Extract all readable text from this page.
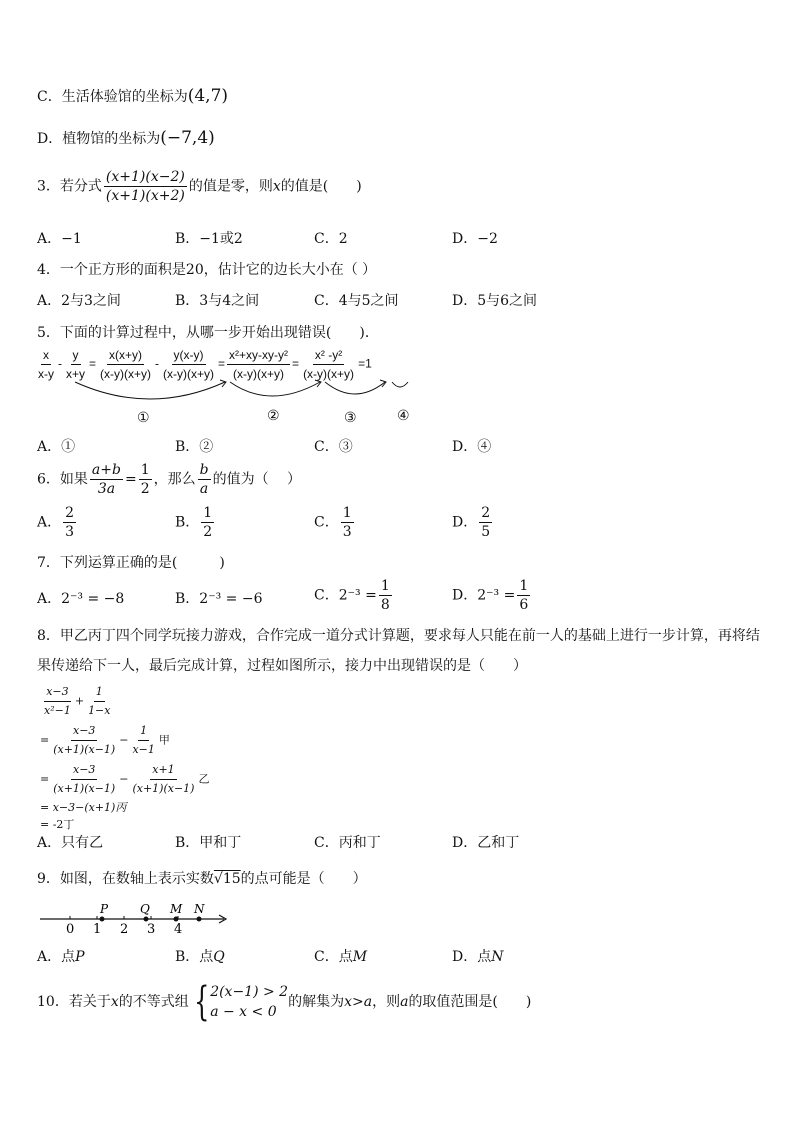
C．生活体验馆的坐标为(4,7)
D．植物馆的坐标为(−7,4)
3．若分式 $\frac{(x+1)(x-2)}{(x+1)(x+2)}$ 的值是零，则x的值是(　　)
A．−1	B．−1或2	C．2	D．−2
4．一个正方形的面积是20，估计它的边长大小在（ ）
A．2与3之间	B．3与4之间	C．4与5之间	D．5与6之间
5．下面的计算过程中，从哪一步开始出现错误(　　)．
$\frac{x}{x-y} - \frac{y}{x+y} = \frac{x(x+y)}{(x-y)(x+y)} - \frac{y(x-y)}{(x-y)(x+y)} = \frac{\text{x²+xy-xy-y²}}{(x-y)(x+y)} = \frac{\text{x² -y²}}{(x-y)(x+y)} =1$
①	②	③	④
A．①	B．②	C．③	D．④
6．如果 $\frac{a+b}{3a} = \frac{1}{2}$ ，那么 $\frac{b}{a}$ 的值为（　 ）
A． $\frac{2}{3}$	B． $\frac{1}{2}$	C． $\frac{1}{3}$	D． $\frac{2}{5}$
7．下列运算正确的是(　　　)
A．2⁻³ = −8	B．2⁻³ = −6	C．$2^{-3} = \frac{1}{8}$	D．$2^{-3} = \frac{1}{6}$
8．甲乙丙丁四个同学玩接力游戏，合作完成一道分式计算题，要求每人只能在前一人的基础上进行一步计算，再将结
果传递给下一人，最后完成计算，过程如图所示，接力中出现错误的是（　　）
$\frac{x-3}{\text{x²−1}} + \frac{1}{1-x}$
= $\frac{x-3}{(x+1)(x-1)} - \frac{1}{x-1}$ 甲
= $\frac{x-3}{(x+1)(x-1)} - \frac{x+1}{(x+1)(x-1)}$ 乙
= x−3−(x+1)丙
= -2丁
A．只有乙	B．甲和丁	C．丙和丁	D．乙和丁
9．如图，在数轴上表示实数√15的点可能是（　　）
0 1 2 3 4
P	Q M N
A．点P	B．点Q	C．点M	D．点N
10．若关于x的不等式组 { 2(x−1) > 2
a − x < 0
的解集为x>a，则a的取值范围是(　　)
